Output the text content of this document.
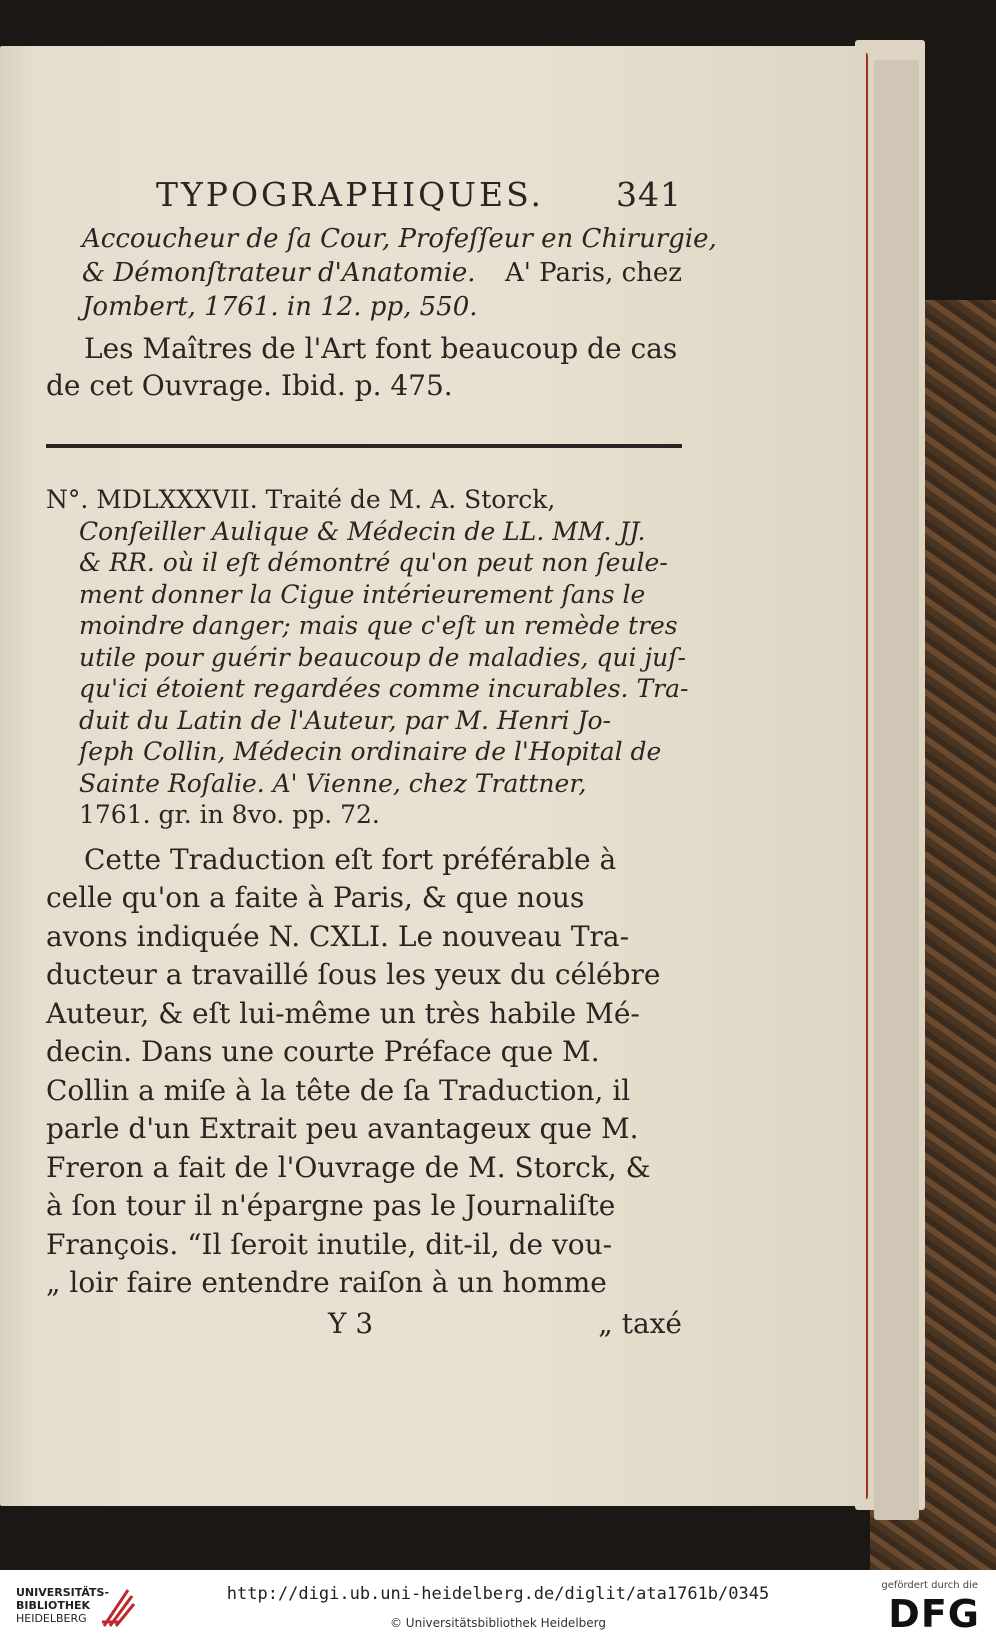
TYPOGRAPHIQUES. 341
Accoucheur de ſa Cour, Profeſſeur en Chirurgie,
& Démonſtrateur d'Anatomie. A' Paris, chez
Jombert, 1761. in 12. pp, 550.
Les Maîtres de l'Art font beaucoup de cas
de cet Ouvrage. Ibid. p. 475.
N°. MDLXXXVII. Traité de M. A. Storck,
Conſeiller Aulique & Médecin de LL. MM. JJ.
& RR. où il eſt démontré qu'on peut non ſeule-
ment donner la Cigue intérieurement ſans le
moindre danger; mais que c'eſt un remède tres
utile pour guérir beaucoup de maladies, qui juſ-
qu'ici étoient regardées comme incurables. Tra-
duit du Latin de l'Auteur, par M. Henri Jo-
ſeph Collin, Médecin ordinaire de l'Hopital de
Sainte Roſalie. A' Vienne, chez Trattner,
1761. gr. in 8vo. pp. 72.
Cette Traduction eſt fort préférable à
celle qu'on a faite à Paris, & que nous
avons indiquée N. CXLI. Le nouveau Tra-
ducteur a travaillé ſous les yeux du célébre
Auteur, & eſt lui-même un très habile Mé-
decin. Dans une courte Préface que M.
Collin a miſe à la tête de ſa Traduction, il
parle d'un Extrait peu avantageux que M.
Freron a fait de l'Ouvrage de M. Storck, &
à ſon tour il n'épargne pas le Journaliſte
François. “Il ſeroit inutile, dit-il, de vou-
„ loir faire entendre raiſon à un homme
Y 3	„ taxé
UNIVERSITÄTS-
BIBLIOTHEK
HEIDELBERG
http://digi.ub.uni-heidelberg.de/diglit/ata1761b/0345
© Universitätsbibliothek Heidelberg
gefördert durch die
DFG
